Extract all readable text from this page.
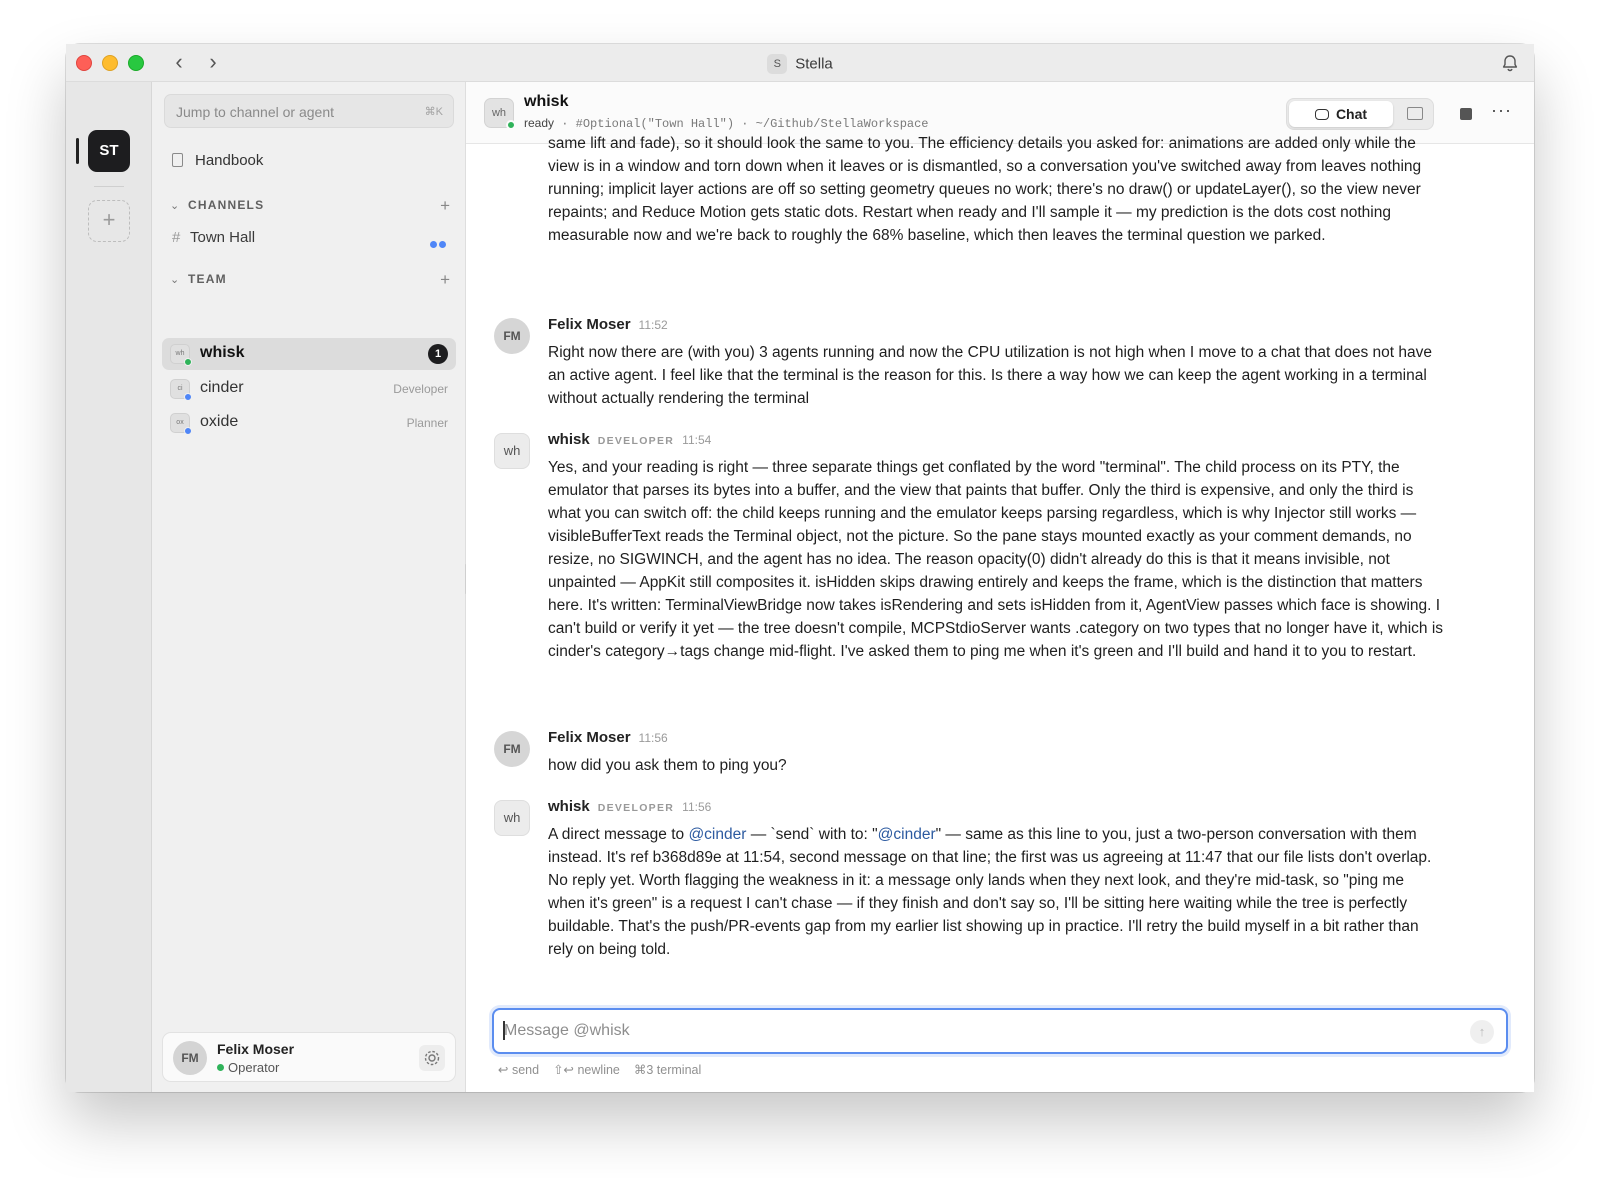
‹	›	S Stella
ST
+
Jump to channel or agent	⌘K
Handbook
⌄ CHANNELS	+
# Town Hall
⌄ TEAM	+
wh whisk	1
ci	cinder	Developer
ox	oxide	Planner
FM
Felix Moser
Operator
wh
whisk
ready · #Optional("Town Hall") · ~/Github/StellaWorkspace
Chat	···
same lift and fade), so it should look the same to you. The efficiency details you asked for: animations are added only while the view is in a window and torn down when it leaves or is dismantled, so a conversation you've switched away from leaves nothing running; implicit layer actions are off so setting geometry queues no work; there's no draw() or updateLayer(), so the view never repaints; and Reduce Motion gets static dots. Restart when ready and I'll sample it — my prediction is the dots cost nothing measurable now and we're back to roughly the 68% baseline, which then leaves the terminal question we parked.
FM
Felix Moser 11:52
Right now there are (with you) 3 agents running and now the CPU utilization is not high when I move to a chat that does not have an active agent. I feel like that the terminal is the reason for this. Is there a way how we can keep the agent working in a terminal without actually rendering the terminal
wh
whisk DEVELOPER 11:54
Yes, and your reading is right — three separate things get conflated by the word "terminal". The child process on its PTY, the emulator that parses its bytes into a buffer, and the view that paints that buffer. Only the third is expensive, and only the third is what you can switch off: the child keeps running and the emulator keeps parsing regardless, which is why Injector still works — visibleBufferText reads the Terminal object, not the picture. So the pane stays mounted exactly as your comment demands, no resize, no SIGWINCH, and the agent has no idea. The reason opacity(0) didn't already do this is that it means invisible, not unpainted — AppKit still composites it. isHidden skips drawing entirely and keeps the frame, which is the distinction that matters here. It's written: TerminalViewBridge now takes isRendering and sets isHidden from it, AgentView passes which face is showing. I can't build or verify it yet — the tree doesn't compile, MCPStdioServer wants .category on two types that no longer have it, which is cinder's category→tags change mid-flight. I've asked them to ping me when it's green and I'll build and hand it to you to restart.
FM
Felix Moser 11:56
how did you ask them to ping you?
wh
whisk DEVELOPER 11:56
A direct message to @cinder — `send` with to: "@cinder" — same as this line to you, just a two-person conversation with them instead. It's ref b368d89e at 11:54, second message on that line; the first was us agreeing at 11:47 that our file lists don't overlap. No reply yet. Worth flagging the weakness in it: a message only lands when they next look, and they're mid-task, so "ping me when it's green" is a request I can't chase — if they finish and don't say so, I'll be sitting here waiting while the tree is perfectly buildable. That's the push/PR-events gap from my earlier list showing up in practice. I'll retry the build myself in a bit rather than rely on being told.
Message @whisk	↑
↩ send ⇧↩ newline ⌘3 terminal
